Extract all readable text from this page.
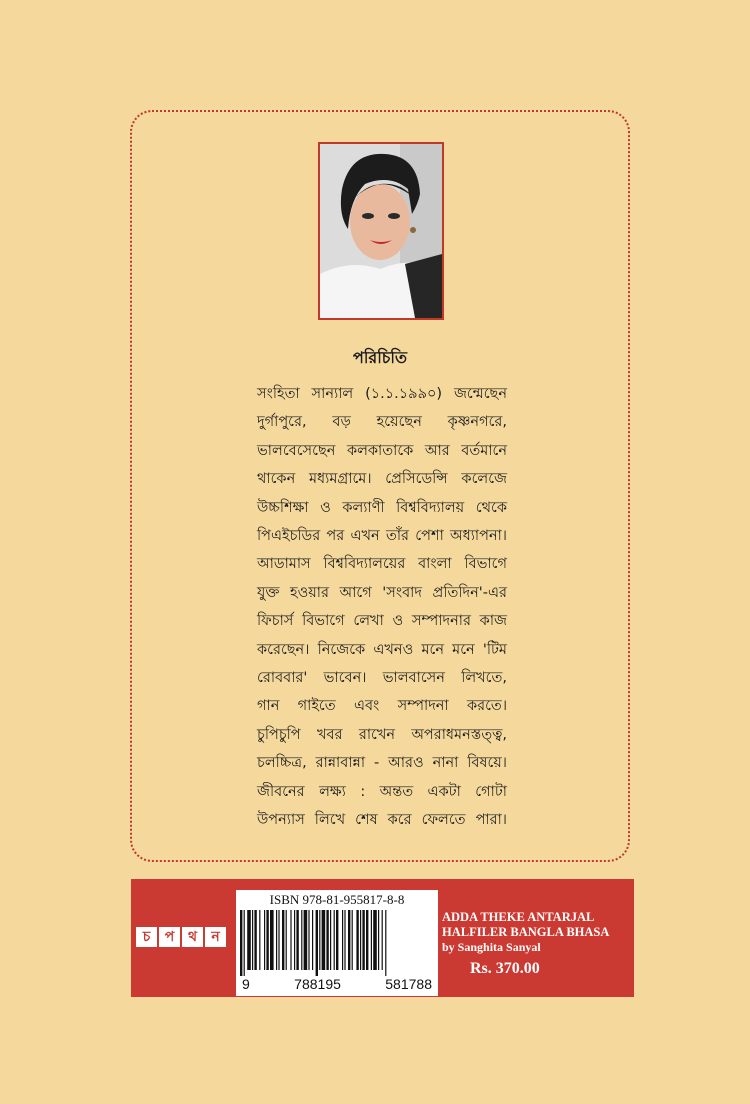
পরিচিতি

সংহিতা সান্যাল (১.১.১৯৯০) জন্মেছেন
দুর্গাপুরে, বড় হয়েছেন কৃষ্ণনগরে,
ভালবেসেছেন কলকাতাকে আর বর্তমানে
থাকেন মধ্যমগ্রামে। প্রেসিডেন্সি কলেজে
উচ্চশিক্ষা ও কল্যাণী বিশ্ববিদ্যালয় থেকে
পিএইচডির পর এখন তাঁর পেশা অধ্যাপনা।
আডামাস বিশ্ববিদ্যালয়ের বাংলা বিভাগে
যুক্ত হওয়ার আগে 'সংবাদ প্রতিদিন'-এর
ফিচার্স বিভাগে লেখা ও সম্পাদনার কাজ
করেছেন। নিজেকে এখনও মনে মনে 'টিম
রোববার' ভাবেন। ভালবাসেন লিখতে,
গান গাইতে এবং সম্পাদনা করতে।
চুপিচুপি খবর রাখেন অপরাধমনস্তত্ত্ব,
চলচ্চিত্র, রান্নাবান্না - আরও নানা বিষয়ে।
জীবনের লক্ষ্য : অন্তত একটা গোটা
উপন্যাস লিখে শেষ করে ফেলতে পারা।

চ	প থ	ন
ISBN 978-81-955817-8-8
9	788195	581788
ADDA THEKE ANTARJAL
HALFILER BANGLA BHASA
by Sanghita Sanyal
Rs. 370.00
